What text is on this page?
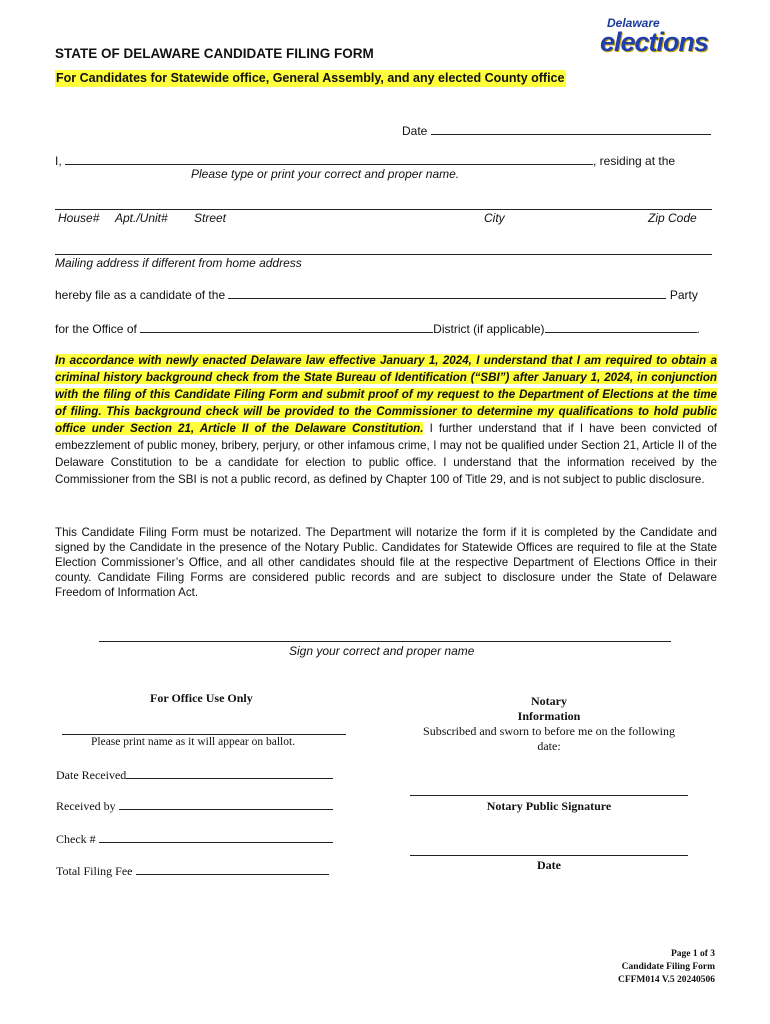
Delaware
elections
STATE OF DELAWARE CANDIDATE FILING FORM
For Candidates for Statewide office, General Assembly, and any elected County office
Date
I,	, residing at the
Please type or print your correct and proper name.
House# Apt./Unit# Street	City	Zip Code
Mailing address if different from home address
hereby file as a candidate of the	Party
for the Office of	District (if applicable)	.
In accordance with newly enacted Delaware law effective January 1, 2024, I understand that I am required to obtain a criminal history background check from the State Bureau of Identification (“SBI”) after January 1, 2024, in conjunction with the filing of this Candidate Filing Form and submit proof of my request to the Department of Elections at the time of filing. This background check will be provided to the Commissioner to determine my qualifications to hold public office under Section 21, Article II of the Delaware Constitution. I further understand that if I have been convicted of embezzlement of public money, bribery, perjury, or other infamous crime, I may not be qualified under Section 21, Article II of the Delaware Constitution to be a candidate for election to public office. I understand that the information received by the Commissioner from the SBI is not a public record, as defined by Chapter 100 of Title 29, and is not subject to public disclosure.
This Candidate Filing Form must be notarized. The Department will notarize the form if it is completed by the Candidate and signed by the Candidate in the presence of the Notary Public. Candidates for Statewide Offices are required to file at the State Election Commissioner’s Office, and all other candidates should file at the respective Department of Elections Office in their county. Candidate Filing Forms are considered public records and are subject to disclosure under the State of Delaware Freedom of Information Act.
Sign your correct and proper name
For Office Use Only
Please print name as it will appear on ballot.
Date Received
Received by
Check #
Total Filing Fee
Notary
Information
Subscribed and sworn to before me on the following
date:
Notary Public Signature
Date
Page 1 of 3
Candidate Filing Form
CFFM014 V.5 20240506
